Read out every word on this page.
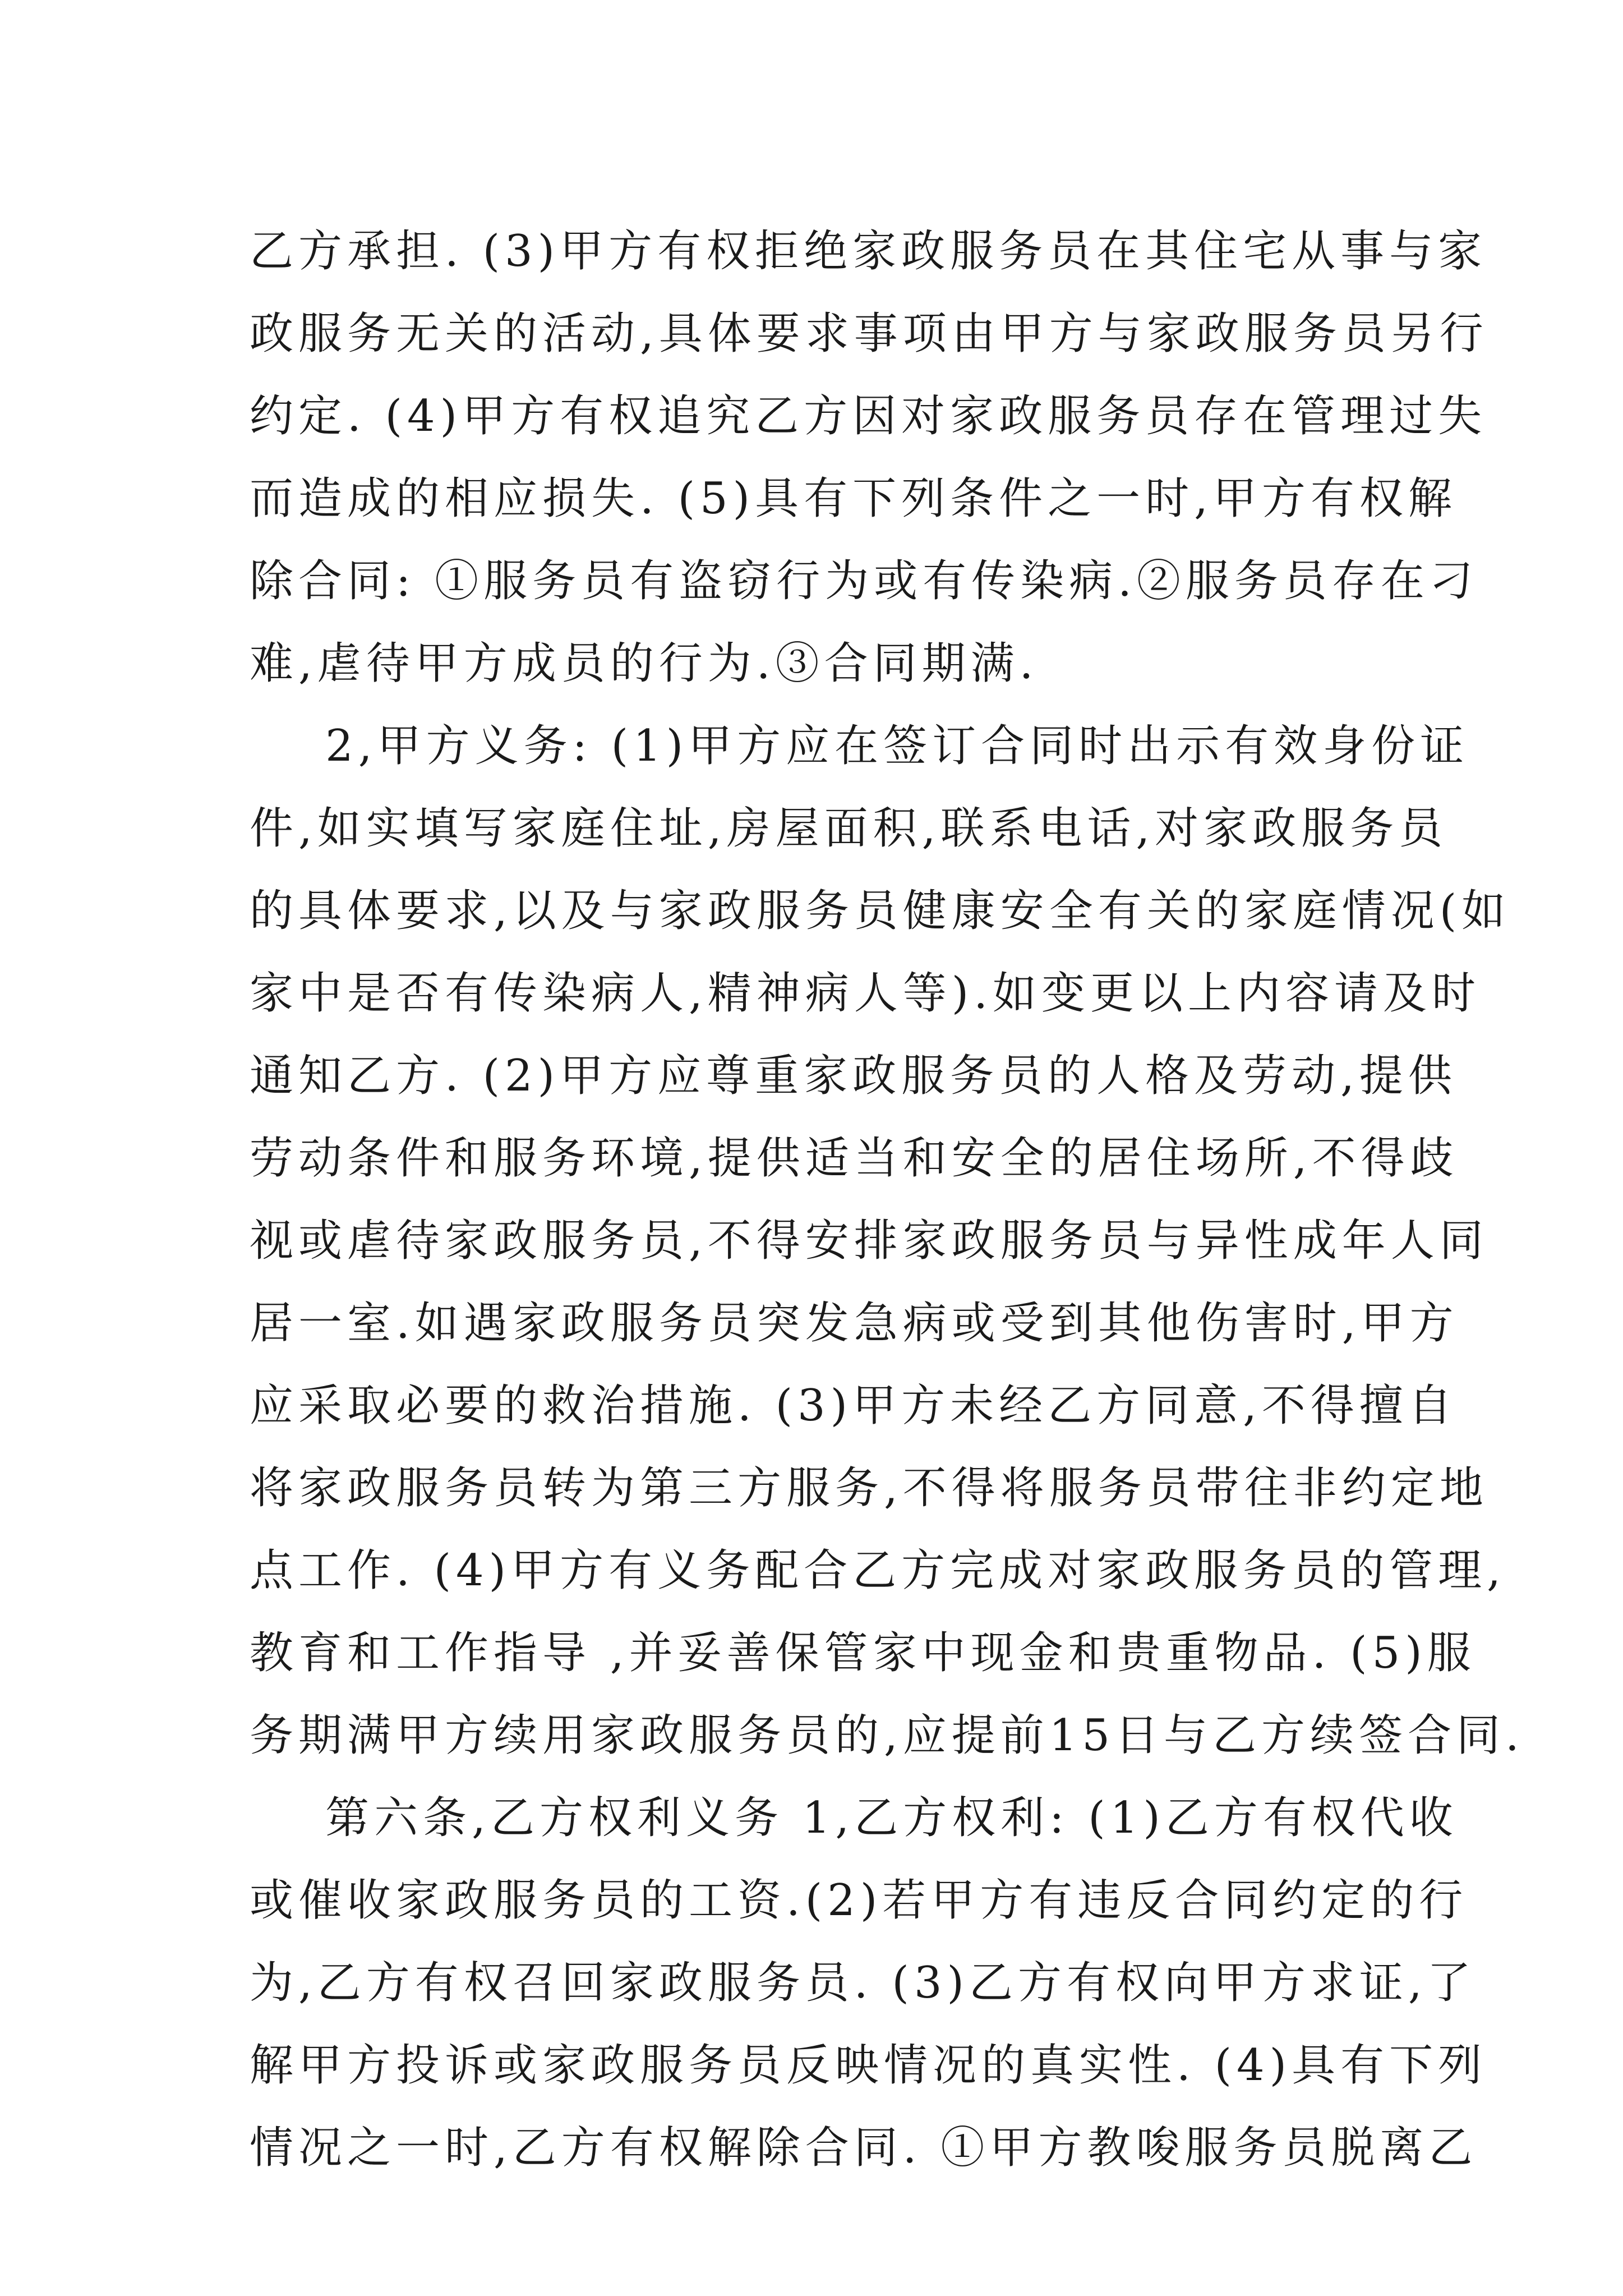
乙方承担. (3)甲方有权拒绝家政服务员在其住宅从事与家
政服务无关的活动,具体要求事项由甲方与家政服务员另行
约定. (4)甲方有权追究乙方因对家政服务员存在管理过失
而造成的相应损失. (5)具有下列条件之一时,甲方有权解
除合同: ①服务员有盗窃行为或有传染病.②服务员存在刁
难,虐待甲方成员的行为.③合同期满.
2,甲方义务: (1)甲方应在签订合同时出示有效身份证
件,如实填写家庭住址,房屋面积,联系电话,对家政服务员
的具体要求,以及与家政服务员健康安全有关的家庭情况(如
家中是否有传染病人,精神病人等).如变更以上内容请及时
通知乙方. (2)甲方应尊重家政服务员的人格及劳动,提供
劳动条件和服务环境,提供适当和安全的居住场所,不得歧
视或虐待家政服务员,不得安排家政服务员与异性成年人同
居一室.如遇家政服务员突发急病或受到其他伤害时,甲方
应采取必要的救治措施. (3)甲方未经乙方同意,不得擅自
将家政服务员转为第三方服务,不得将服务员带往非约定地
点工作. (4)甲方有义务配合乙方完成对家政服务员的管理,
教育和工作指导 ,并妥善保管家中现金和贵重物品. (5)服
务期满甲方续用家政服务员的,应提前15日与乙方续签合同.
第六条,乙方权利义务 1,乙方权利: (1)乙方有权代收
或催收家政服务员的工资.(2)若甲方有违反合同约定的行
为,乙方有权召回家政服务员. (3)乙方有权向甲方求证,了
解甲方投诉或家政服务员反映情况的真实性. (4)具有下列
情况之一时,乙方有权解除合同. ①甲方教唆服务员脱离乙
